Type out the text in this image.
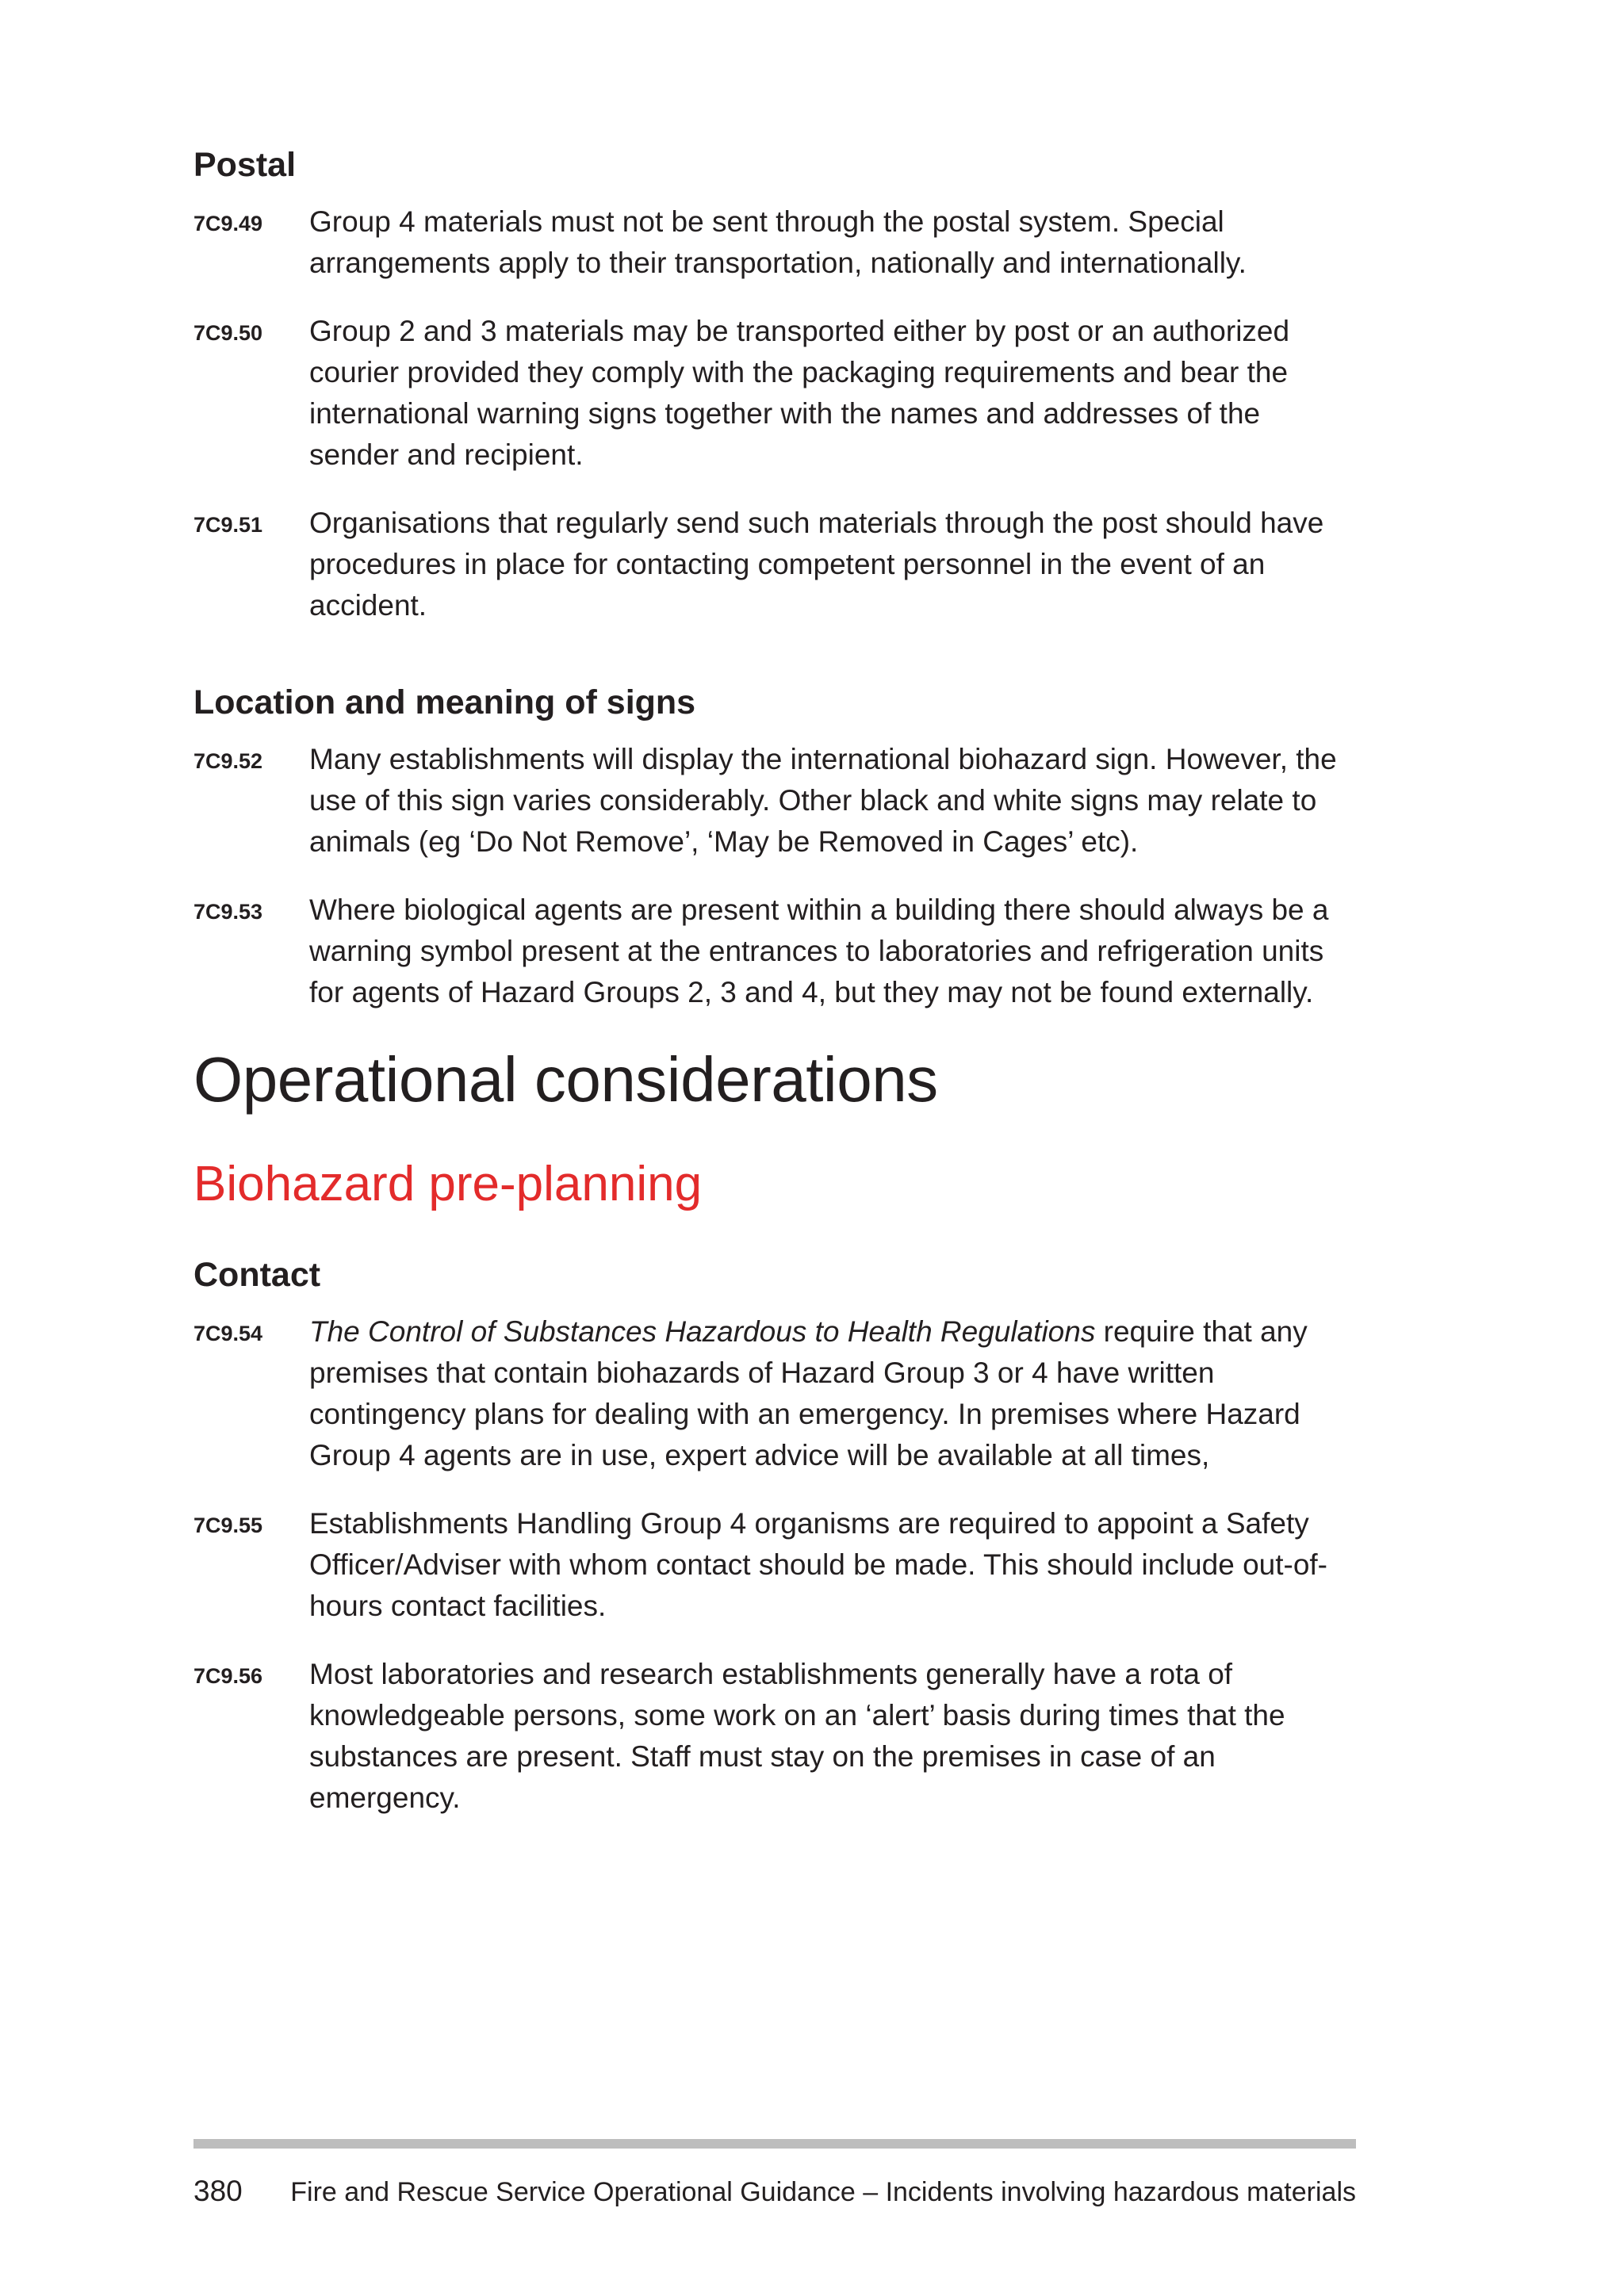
Postal
7C9.49	Group 4 materials must not be sent through the postal system. Special arrangements apply to their transportation, nationally and internationally.
7C9.50	Group 2 and 3 materials may be transported either by post or an authorized courier provided they comply with the packaging requirements and bear the international warning signs together with the names and addresses of the sender and recipient.
7C9.51	Organisations that regularly send such materials through the post should have procedures in place for contacting competent personnel in the event of an accident.
Location and meaning of signs
7C9.52	Many establishments will display the international biohazard sign. However, the use of this sign varies considerably. Other black and white signs may relate to animals (eg ‘Do Not Remove’, ‘May be Removed in Cages’ etc).
7C9.53	Where biological agents are present within a building there should always be a warning symbol present at the entrances to laboratories and refrigeration units for agents of Hazard Groups 2, 3 and 4, but they may not be found externally.
Operational considerations
Biohazard pre-planning
Contact
7C9.54	The Control of Substances Hazardous to Health Regulations require that any premises that contain biohazards of Hazard Group 3 or 4 have written contingency plans for dealing with an emergency. In premises where Hazard Group 4 agents are in use, expert advice will be available at all times,
7C9.55	Establishments Handling Group 4 organisms are required to appoint a Safety Officer/Adviser with whom contact should be made. This should include out-of-hours contact facilities.
7C9.56	Most laboratories and research establishments generally have a rota of knowledgeable persons, some work on an ‘alert’ basis during times that the substances are present. Staff must stay on the premises in case of an emergency.
380	Fire and Rescue Service Operational Guidance – Incidents involving hazardous materials
